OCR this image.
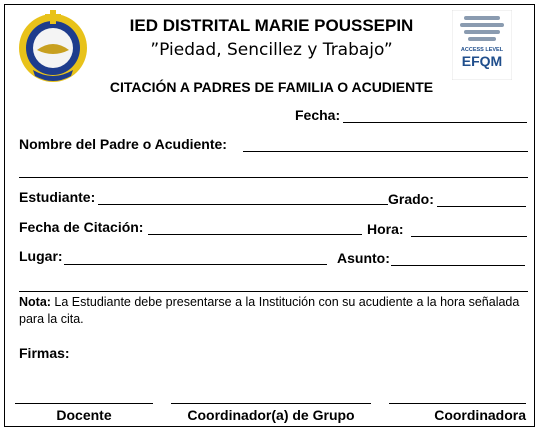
ACCESS LEVEL
EFQM
IED DISTRITAL MARIE POUSSEPIN
”Piedad, Sencillez y Trabajo”
CITACIÓN A PADRES DE FAMILIA O ACUDIENTE
Fecha:
Nombre del Padre o Acudiente:
Estudiante:	Grado:
Fecha de Citación:	Hora:
Lugar:	Asunto:
Nota: La Estudiante debe presentarse a la Institución con su acudiente a la hora señalada para la cita.
Firmas:
Docente	Coordinador(a) de Grupo	Coordinadora
